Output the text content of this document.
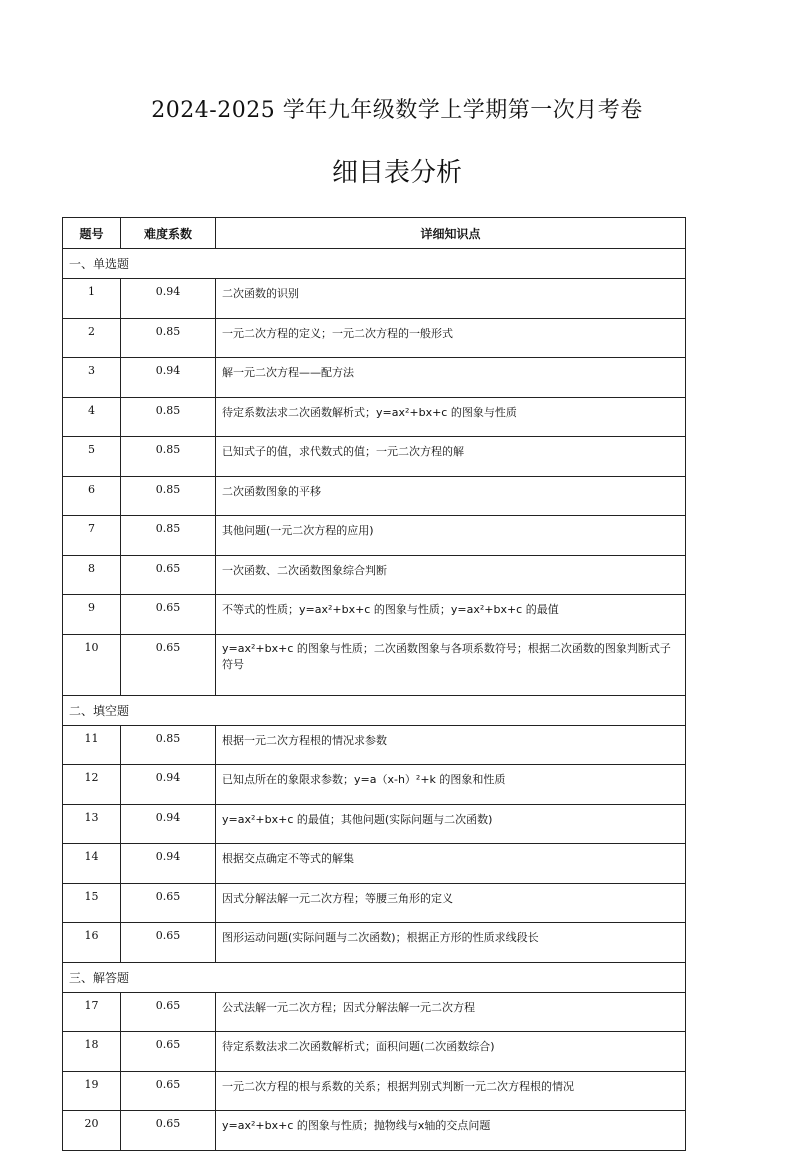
2024-2025 学年九年级数学上学期第一次月考卷
细目表分析
题号	难度系数	详细知识点
一、单选题		
1	0.94	二次函数的识别
2	0.85	一元二次方程的定义；一元二次方程的一般形式
3	0.94	解一元二次方程——配方法
4	0.85	待定系数法求二次函数解析式；y=ax²+bx+c 的图象与性质
5	0.85	已知式子的值，求代数式的值；一元二次方程的解
6	0.85	二次函数图象的平移
7	0.85	其他问题(一元二次方程的应用)
8	0.65	一次函数、二次函数图象综合判断
9	0.65	不等式的性质；y=ax²+bx+c 的图象与性质；y=ax²+bx+c 的最值
10	0.65	y=ax²+bx+c 的图象与性质；二次函数图象与各项系数符号；根据二次函数的图象判断式子符号
二、填空题		
11	0.85	根据一元二次方程根的情况求参数
12	0.94	已知点所在的象限求参数；y=a（x-h）²+k 的图象和性质
13	0.94	y=ax²+bx+c 的最值；其他问题(实际问题与二次函数)
14	0.94	根据交点确定不等式的解集
15	0.65	因式分解法解一元二次方程；等腰三角形的定义
16	0.65	图形运动问题(实际问题与二次函数)；根据正方形的性质求线段长
三、解答题		
17	0.65	公式法解一元二次方程；因式分解法解一元二次方程
18	0.65	待定系数法求二次函数解析式；面积问题(二次函数综合)
19	0.65	一元二次方程的根与系数的关系；根据判别式判断一元二次方程根的情况
20	0.65	y=ax²+bx+c 的图象与性质；抛物线与x轴的交点问题
